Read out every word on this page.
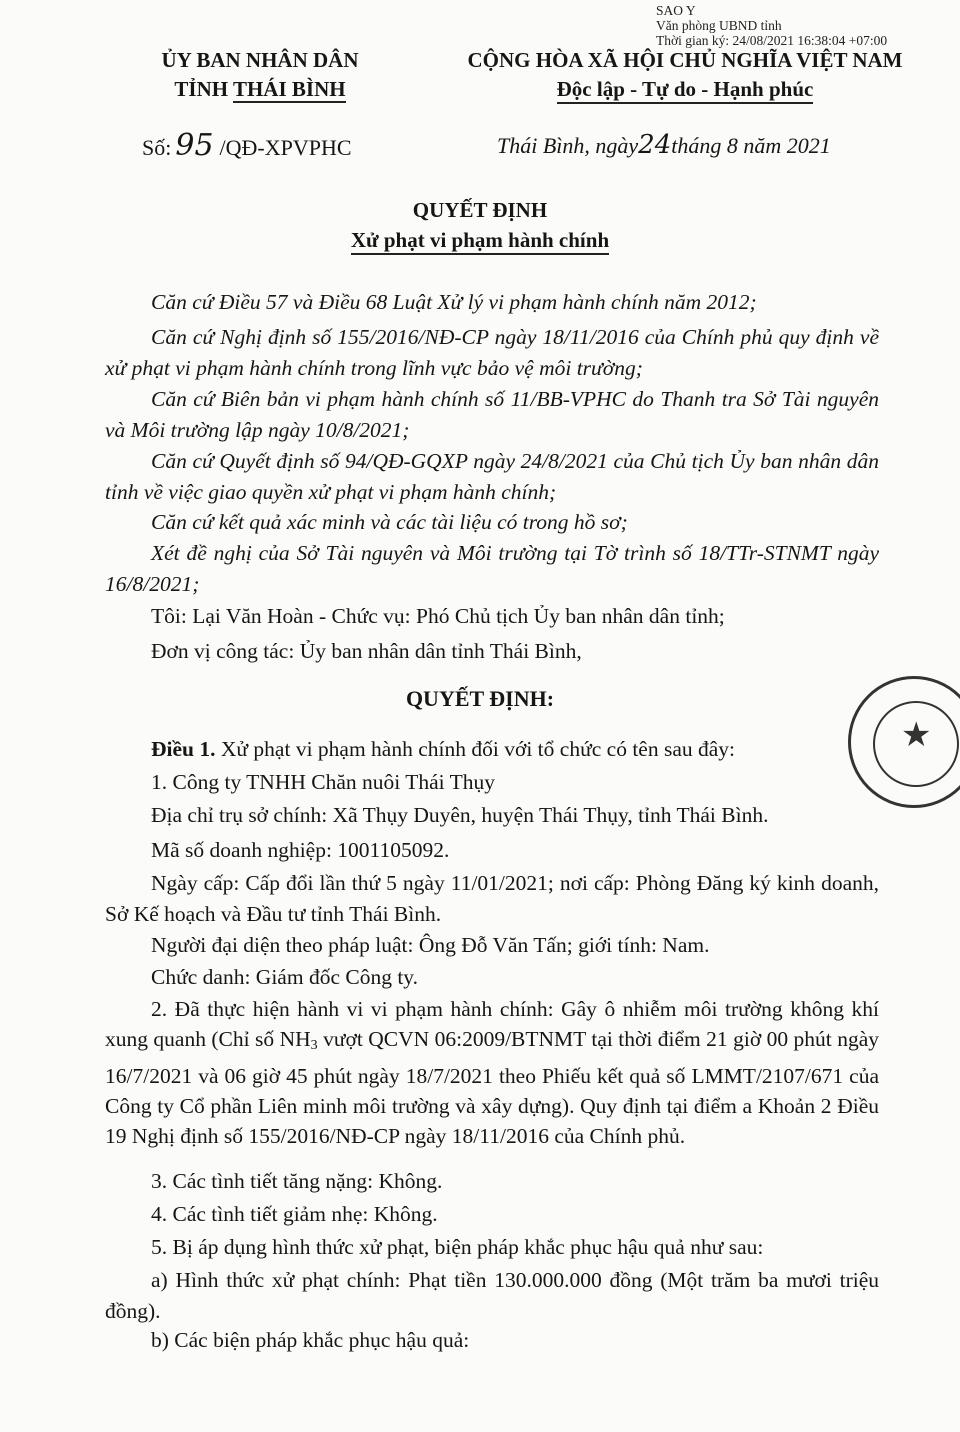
SAO Y
Văn phòng UBND tỉnh
Thời gian ký: 24/08/2021 16:38:04 +07:00
ỦY BAN NHÂN DÂN
TỈNH THÁI BÌNH
CỘNG HÒA XÃ HỘI CHỦ NGHĨA VIỆT NAM
Độc lập - Tự do - Hạnh phúc
Số: 95 /QĐ-XPVPHC	Thái Bình, ngày24tháng 8 năm 2021
QUYẾT ĐỊNH
Xử phạt vi phạm hành chính
Căn cứ Điều 57 và Điều 68 Luật Xử lý vi phạm hành chính năm 2012;
Căn cứ Nghị định số 155/2016/NĐ-CP ngày 18/11/2016 của Chính phủ quy định về xử phạt vi phạm hành chính trong lĩnh vực bảo vệ môi trường;
Căn cứ Biên bản vi phạm hành chính số 11/BB-VPHC do Thanh tra Sở Tài nguyên và Môi trường lập ngày 10/8/2021;
Căn cứ Quyết định số 94/QĐ-GQXP ngày 24/8/2021 của Chủ tịch Ủy ban nhân dân tỉnh về việc giao quyền xử phạt vi phạm hành chính;
Căn cứ kết quả xác minh và các tài liệu có trong hồ sơ;
Xét đề nghị của Sở Tài nguyên và Môi trường tại Tờ trình số 18/TTr-STNMT ngày 16/8/2021;
Tôi: Lại Văn Hoàn - Chức vụ: Phó Chủ tịch Ủy ban nhân dân tỉnh;
Đơn vị công tác: Ủy ban nhân dân tỉnh Thái Bình,
QUYẾT ĐỊNH:
★
Điều 1. Xử phạt vi phạm hành chính đối với tổ chức có tên sau đây:
1. Công ty TNHH Chăn nuôi Thái Thụy
Địa chỉ trụ sở chính: Xã Thụy Duyên, huyện Thái Thụy, tỉnh Thái Bình.
Mã số doanh nghiệp: 1001105092.
Ngày cấp: Cấp đổi lần thứ 5 ngày 11/01/2021; nơi cấp: Phòng Đăng ký kinh doanh, Sở Kế hoạch và Đầu tư tỉnh Thái Bình.
Người đại diện theo pháp luật: Ông Đỗ Văn Tấn; giới tính: Nam.
Chức danh: Giám đốc Công ty.
2. Đã thực hiện hành vi vi phạm hành chính: Gây ô nhiễm môi trường không khí xung quanh (Chỉ số $NH_3$ vượt QCVN 06:2009/BTNMT tại thời điểm 21 giờ 00 phút ngày 16/7/2021 và 06 giờ 45 phút ngày 18/7/2021 theo Phiếu kết quả số LMMT/2107/671 của Công ty Cổ phần Liên minh môi trường và xây dựng). Quy định tại điểm a Khoản 2 Điều 19 Nghị định số 155/2016/NĐ-CP ngày 18/11/2016 của Chính phủ.
3. Các tình tiết tăng nặng: Không.
4. Các tình tiết giảm nhẹ: Không.
5. Bị áp dụng hình thức xử phạt, biện pháp khắc phục hậu quả như sau:
a) Hình thức xử phạt chính: Phạt tiền 130.000.000 đồng (Một trăm ba mươi triệu đồng).
b) Các biện pháp khắc phục hậu quả:
